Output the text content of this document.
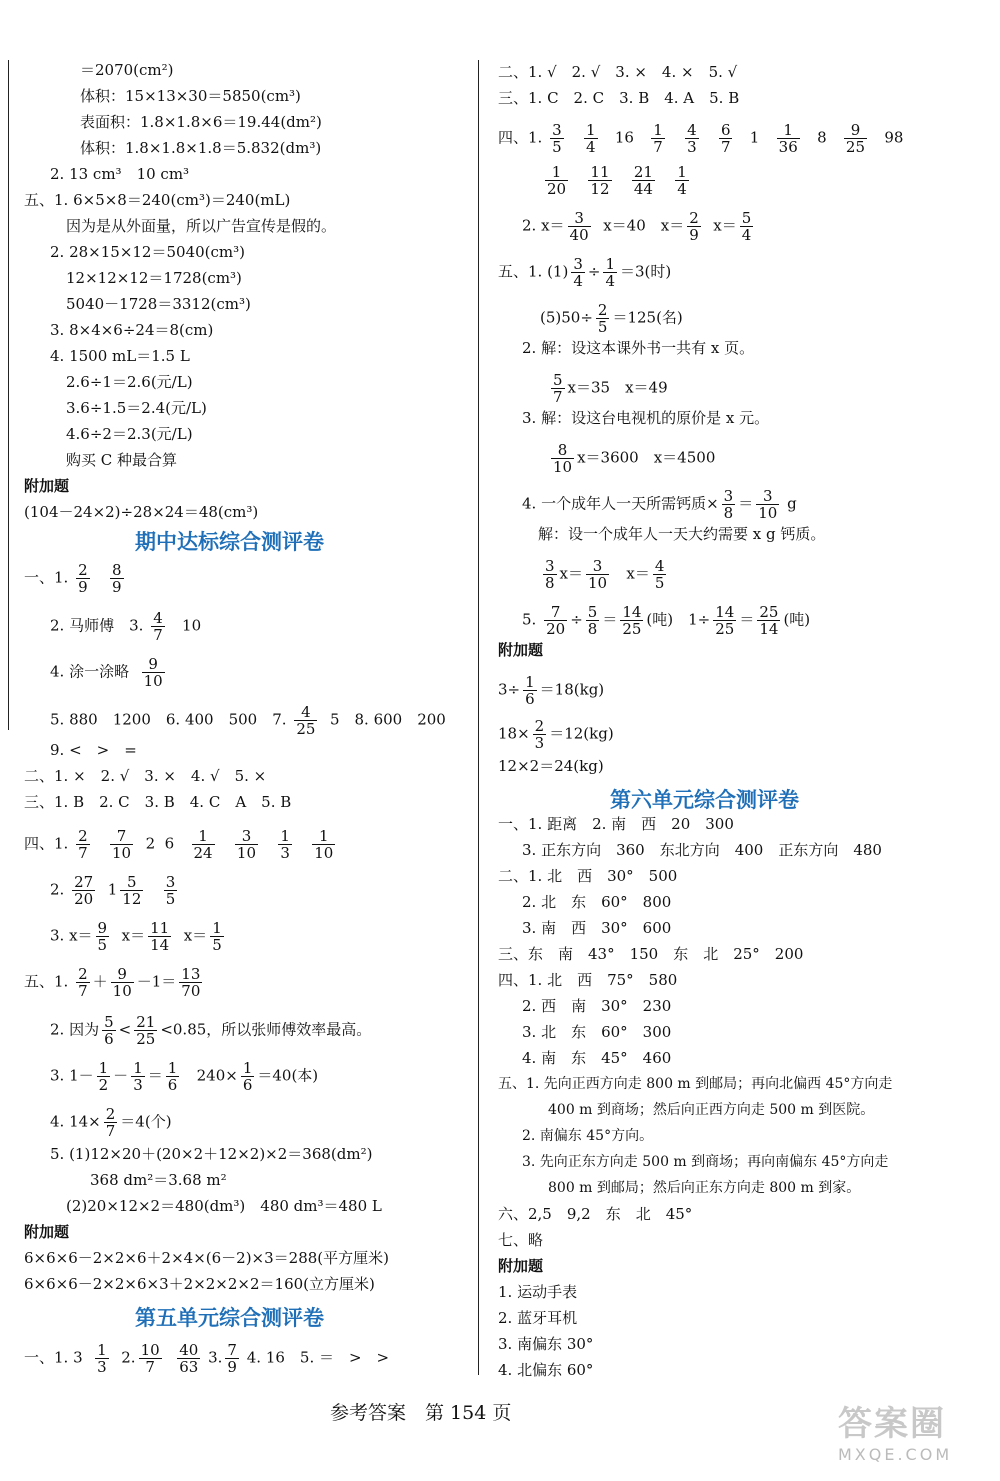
＝2070(cm²)
体积：15×13×30＝5850(cm³)
表面积：1.8×1.8×6＝19.44(dm²)
体积：1.8×1.8×1.8＝5.832(dm³)
2. 13 cm³　10 cm³
五、1. 6×5×8＝240(cm³)＝240(mL)
因为是从外面量，所以广告宣传是假的。
2. 28×15×12＝5040(cm³)
12×12×12＝1728(cm³)
5040－1728＝3312(cm³)
3. 8×4×6÷24＝8(cm)
4. 1500 mL＝1.5 L
2.6÷1＝2.6(元/L)
3.6÷1.5＝2.4(元/L)
4.6÷2＝2.3(元/L)
购买 C 种最合算
附加题
(104－24×2)÷28×24＝48(cm³)
期中达标综合测评卷
一、1. $\frac{2}{9}$
$\frac{8}{9}$
2. 马师傅　3. $\frac{4}{7} 10$
4. 涂一涂略 $\frac{9}{10}$
5. 880　1200　6. 400　500　7. $\frac{4}{25} 5$　8. 600　200
9. <　>　=
二、1. ×　2. √　3. ×　4. √　5. ×
三、1. B　2. C　3. B　4. C　A　5. B
四、1. $\frac{2}{7}$
$\frac{7}{10} 2$  $6 \frac{1}{24}$
$\frac{3}{10}$
$\frac{1}{3}$
$\frac{1}{10}$
2. $\frac{27}{20} 1 \frac{5}{12}$
$\frac{3}{5}$
3. $x= \frac{9}{5} x= \frac{11}{14} x= \frac{1}{5}$
五、1. $\frac{2}{7} + \frac{9}{10} -1= \frac{13}{70}$
2. 因为 $\frac{5}{6} < \frac{21}{25} <0.85$，所以张师傅效率最高。
3. $1- \frac{1}{2} - \frac{1}{3} = \frac{1}{6} 240\times \frac{1}{6} =40$(本)
4. $14\times \frac{2}{7} =4$(个)
5. (1)12×20＋(20×2＋12×2)×2＝368(dm²)
368 dm²＝3.68 m²
(2)20×12×2＝480(dm³)　480 dm³＝480 L
附加题
6×6×6－2×2×6＋2×4×(6－2)×3＝288(平方厘米)
6×6×6－2×2×6×3＋2×2×2×2＝160(立方厘米)
第五单元综合测评卷
一、1. $3 \frac{1}{3} 2$. $\frac{10}{7}$
$\frac{40}{63} 3$. $\frac{7}{9} 4$. 16　5. ＝　>　>
二、1. √　2. √　3. ×　4. ×　5. √
三、1. C　2. C　3. B　4. A　5. B
四、1. $\frac{3}{5}$
$\frac{1}{4} 16 \frac{1}{7}$
$\frac{4}{3}$
$\frac{6}{7} 1 \frac{1}{36} 8 \frac{9}{25} 98$
$\frac{1}{20}$
$\frac{11}{12}$
$\frac{21}{44}$
$\frac{1}{4}$
2. $x= \frac{3}{40} x=40$　$x= \frac{2}{9} x= \frac{5}{4}$
五、1. $(1) \frac{3}{4} \div \frac{1}{4} =3$(时)
$(5)50\div \frac{2}{5} =125$(名)
2. 解：设这本课外书一共有 x 页。
$\frac{5}{7} x=35$　x＝49
3. 解：设这台电视机的原价是 x 元。
$\frac{8}{10} x=3600$　x＝4500
4. 一个成年人一天所需钙质× $\frac{3}{8} = \frac{3}{10}$ g
解：设一个成年人一天大约需要 x g 钙质。
$\frac{3}{8} x= \frac{3}{10} x= \frac{4}{5}$
5. $\frac{7}{20} \div \frac{5}{8} = \frac{14}{25}$ (吨)　$1\div \frac{14}{25} = \frac{25}{14}$ (吨)
附加题
$3\div \frac{1}{6} =18(kg)$
$18\times \frac{2}{3} =12(kg)$
12×2＝24(kg)
第六单元综合测评卷
一、1. 距离　2. 南　西　20　300
3. 正东方向　360　东北方向　400　正东方向　480
二、1. 北　西　30°　500
2. 北　东　60°　800
3. 南　西　30°　600
三、东　南　43°　150　东　北　25°　200
四、1. 北　西　75°　580
2. 西　南　30°　230
3. 北　东　60°　300
4. 南　东　45°　460
五、1. 先向正西方向走 800 m 到邮局；再向北偏西 45°方向走
400 m 到商场；然后向正西方向走 500 m 到医院。
2. 南偏东 45°方向。
3. 先向正东方向走 500 m 到商场；再向南偏东 45°方向走
800 m 到邮局；然后向正东方向走 800 m 到家。
六、2,5　9,2　东　北　45°
七、略
附加题
1. 运动手表
2. 蓝牙耳机
3. 南偏东 30°
4. 北偏东 60°
参考答案　第 154 页	答案圈
MXQE.COM
